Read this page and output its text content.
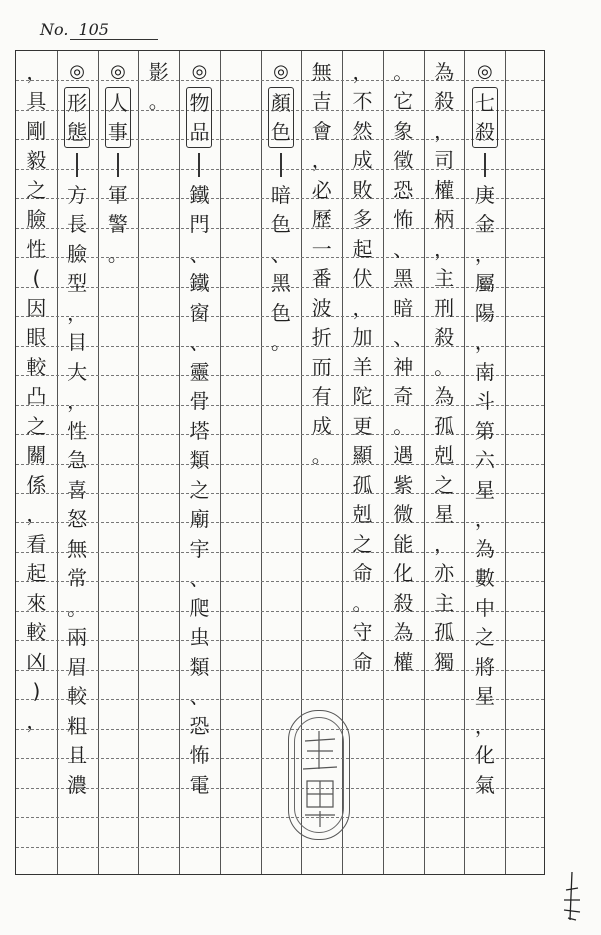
No. 105
◎
七
殺
庚
金
，
屬
陽
，
南
斗
第
六
星
，
為
數
中
之
將
星
，
化
氣
為
殺
，
司
權
柄
，
主
刑
殺
。
為
孤
剋
之
星
，
亦
主
孤
獨
。
它
象
徵
恐
怖
、
黑
暗
、
神
奇
。
遇
紫
微
能
化
殺
為
權
，
不
然
成
敗
多
起
伏
，
加
羊
陀
更
顯
孤
剋
之
命
。
守
命
無
吉
會
，
必
歷
一
番
波
折
而
有
成
。
◎
顏
色
暗
色
、
黑
色
。
◎
物
品
鐵
門
、
鐵
窗
、
靈
骨
塔
類
之
廟
宇
、
爬
虫
類
、
恐
怖
電
影
。
◎
人
事
軍
警
。
◎
形
態
方
長
臉
型
，
目
大
，
性
急
喜
怒
無
常
。
兩
眉
較
粗
且
濃
，
具
剛
毅
之
臉
性
(
因
眼
較
凸
之
關
係
，
看
起
來
較
凶
)
，
